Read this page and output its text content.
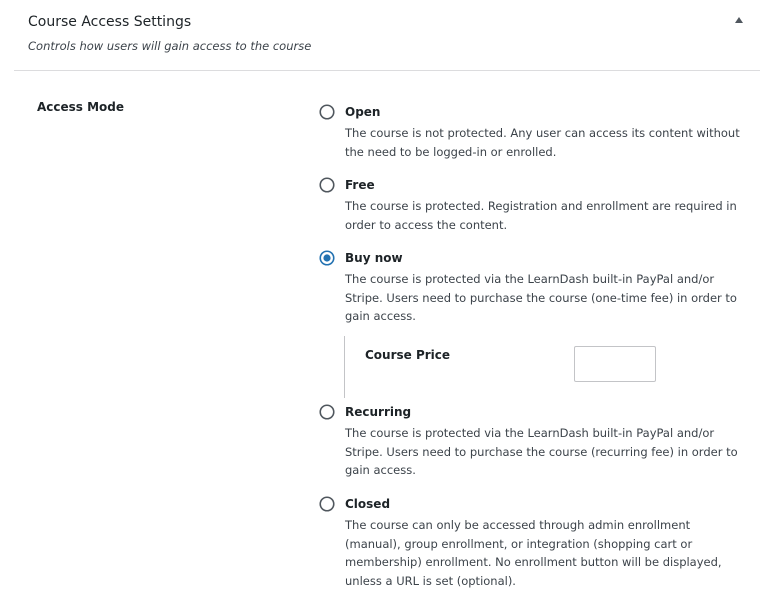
Course Access Settings
Controls how users will gain access to the course
Access Mode	Open
The course is not protected. Any user can access its content without the need to be logged-in or enrolled.
Free
The course is protected. Registration and enrollment are required in order to access the content.
Buy now
The course is protected via the LearnDash built-in PayPal and/or Stripe. Users need to purchase the course (one-time fee) in order to gain access.
Course Price
Recurring
The course is protected via the LearnDash built-in PayPal and/or Stripe. Users need to purchase the course (recurring fee) in order to gain access.
Closed
The course can only be accessed through admin enrollment (manual), group enrollment, or integration (shopping cart or membership) enrollment. No enrollment button will be displayed, unless a URL is set (optional).
